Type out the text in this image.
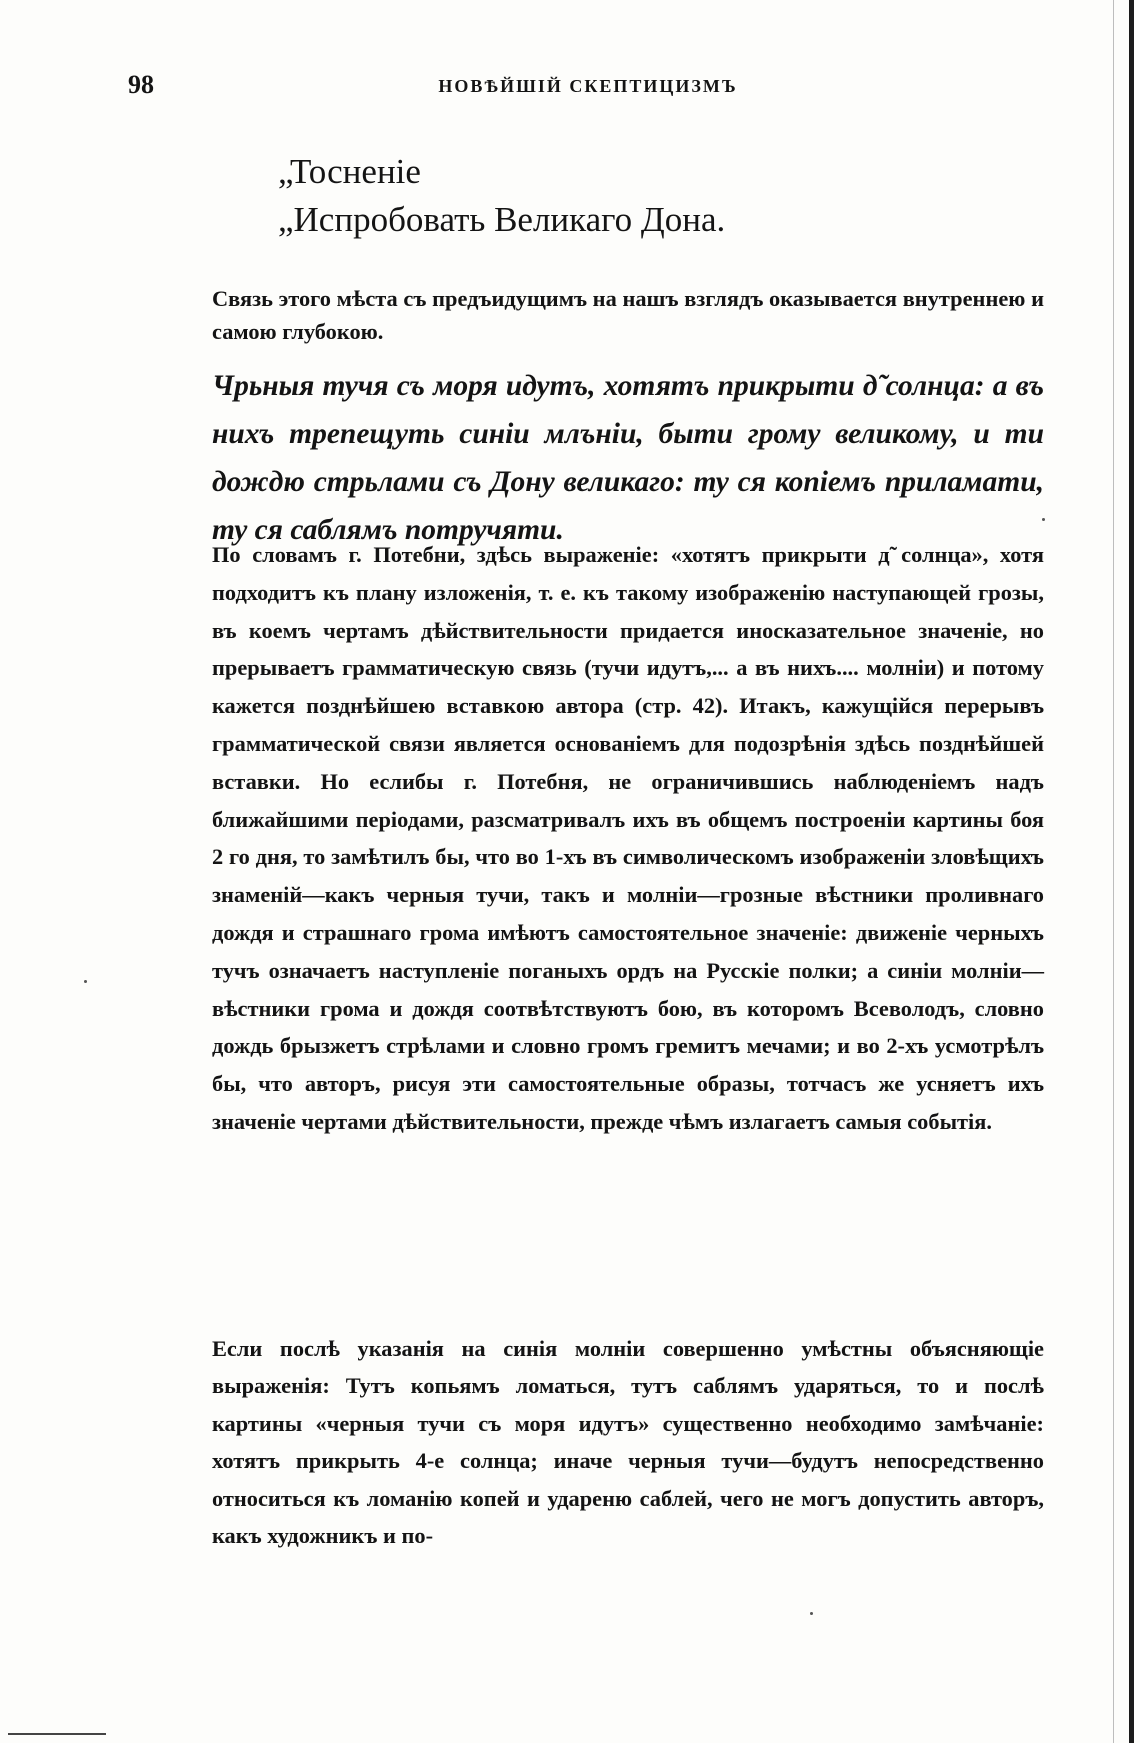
98	НОВѢЙШІЙ СКЕПТИЦИЗМЪ
„Тосненіе
„Испробовать Великаго Дона.

Связь этого мѣста съ предъидущимъ на нашъ взглядъ оказывается внутреннею и самою глубокою.

Чрьныя тучя съ моря идутъ, хотятъ прикрыти д̃ солнца: а въ нихъ трепещуть синіи млъніи, быти грому великому, и ти дождю стрьлами съ Дону великаго: ту ся копіемъ приламати, ту ся саблямъ потручяти.

По словамъ г. Потебни, здѣсь выраженіе: «хотятъ прикрыти д̃ солнца», хотя подходитъ къ плану изложенія, т. е. къ такому изображенію наступающей грозы, въ коемъ чертамъ дѣйствительности придается иносказательное значеніе, но прерываетъ грамматическую связь (тучи идутъ,... а въ нихъ.... молніи) и потому кажется позднѣйшею вставкою автора (стр. 42). Итакъ, кажущійся перерывъ грамматической связи является основаніемъ для подозрѣнія здѣсь позднѣйшей вставки. Но еслибы г. Потебня, не ограничившись наблюденіемъ надъ ближайшими періодами, разсматривалъ ихъ въ общемъ построеніи картины боя 2 го дня, то замѣтилъ бы, что во 1-хъ въ символическомъ изображеніи зловѣщихъ знаменій—какъ черныя тучи, такъ и молніи—грозные вѣстники проливнаго дождя и страшнаго грома имѣютъ самостоятельное значеніе: движеніе черныхъ тучъ означаетъ наступленіе поганыхъ ордъ на Русскіе полки; а синіи молніи—вѣстники грома и дождя соотвѣтствуютъ бою, въ которомъ Всеволодъ, словно дождь брызжетъ стрѣлами и словно громъ гремитъ мечами; и во 2-хъ усмотрѣлъ бы, что авторъ, рисуя эти самостоятельные образы, тотчасъ же усняетъ ихъ значеніе чертами дѣйствительности, прежде чѣмъ излагаетъ самыя событія.

Если послѣ указанія на синія молніи совершенно умѣстны объясняющіе выраженія: Тутъ копьямъ ломаться, тутъ саблямъ ударяться, то и послѣ картины «черныя тучи съ моря идутъ» существенно необходимо замѣчаніе: хотятъ прикрыть 4-е солнца; иначе черныя тучи—будутъ непосредственно относиться къ ломанію копей и удареню саблей, чего не могъ допустить авторъ, какъ художникъ и по-
